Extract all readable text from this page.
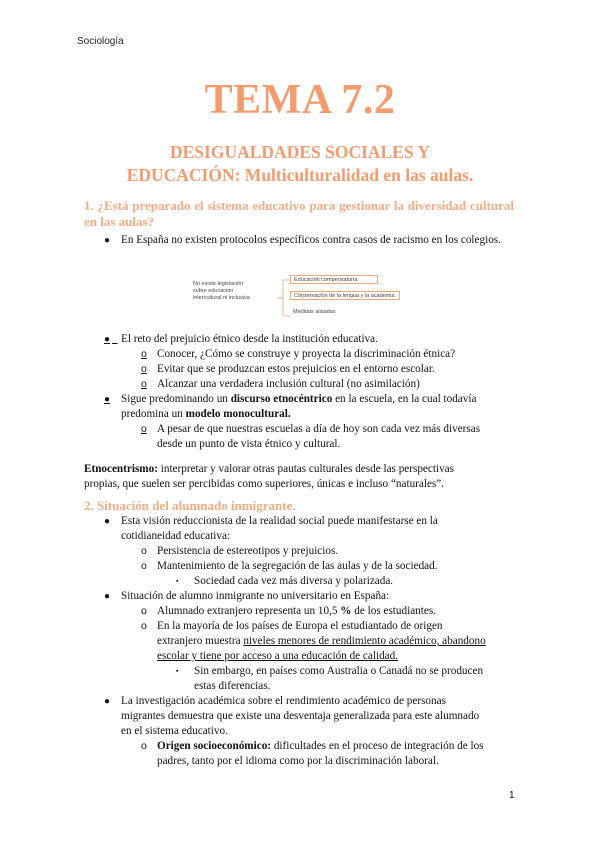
Sociología
TEMA 7.2
DESIGUALDADES SOCIALES Y
EDUCACIÓN: Multiculturalidad en las aulas.
1. ¿Está preparado el sistema educativo para gestionar la diversidad cultural en las aulas?
● En España no existen protocolos específicos contra casos de racismo en los colegios.
No existe legislación
sobre educación
intercultural ni inclusiva
Educación compensatoria
Conservación de la lengua y la academia
Medidas aisladas
●
El reto del prejuicio étnico desde la institución educativa.
o Conocer, ¿Cómo se construye y proyecta la discriminación étnica?
o Evitar que se produzcan estos prejuicios en el entorno escolar.
o Alcanzar una verdadera inclusión cultural (no asimilación)
● Sigue predominando un discurso etnocéntrico en la escuela, en la cual todavía
predomina un modelo monocultural.
o A pesar de que nuestras escuelas a día de hoy son cada vez más diversas
desde un punto de vista étnico y cultural.
Etnocentrismo: interpretar y valorar otras pautas culturales desde las perspectivas
propias, que suelen ser percibidas como superiores, únicas e incluso “naturales”.
2. Situación del alumnado inmigrante.
● Esta visión reduccionista de la realidad social puede manifestarse en la
cotidianeidad educativa:
o Persistencia de estereotipos y prejuicios.
o Mantenimiento de la segregación de las aulas y de la sociedad.
▪ Sociedad cada vez más diversa y polarizada.
● Situación de alumno inmigrante no universitario en España:
o Alumnado extranjero representa un 10,5 % de los estudiantes.
o En la mayoría de los países de Europa el estudiantado de origen
extranjero muestra niveles menores de rendimiento académico, abandono
escolar y tiene por acceso a una educación de calidad.
▪ Sin embargo, en países como Australia o Canadá no se producen
estas diferencias.
● La investigación académica sobre el rendimiento académico de personas
migrantes demuestra que existe una desventaja generalizada para este alumnado
en el sistema educativo.
o Origen socioeconómico: dificultades en el proceso de integración de los
padres, tanto por el idioma como por la discriminación laboral.
1
